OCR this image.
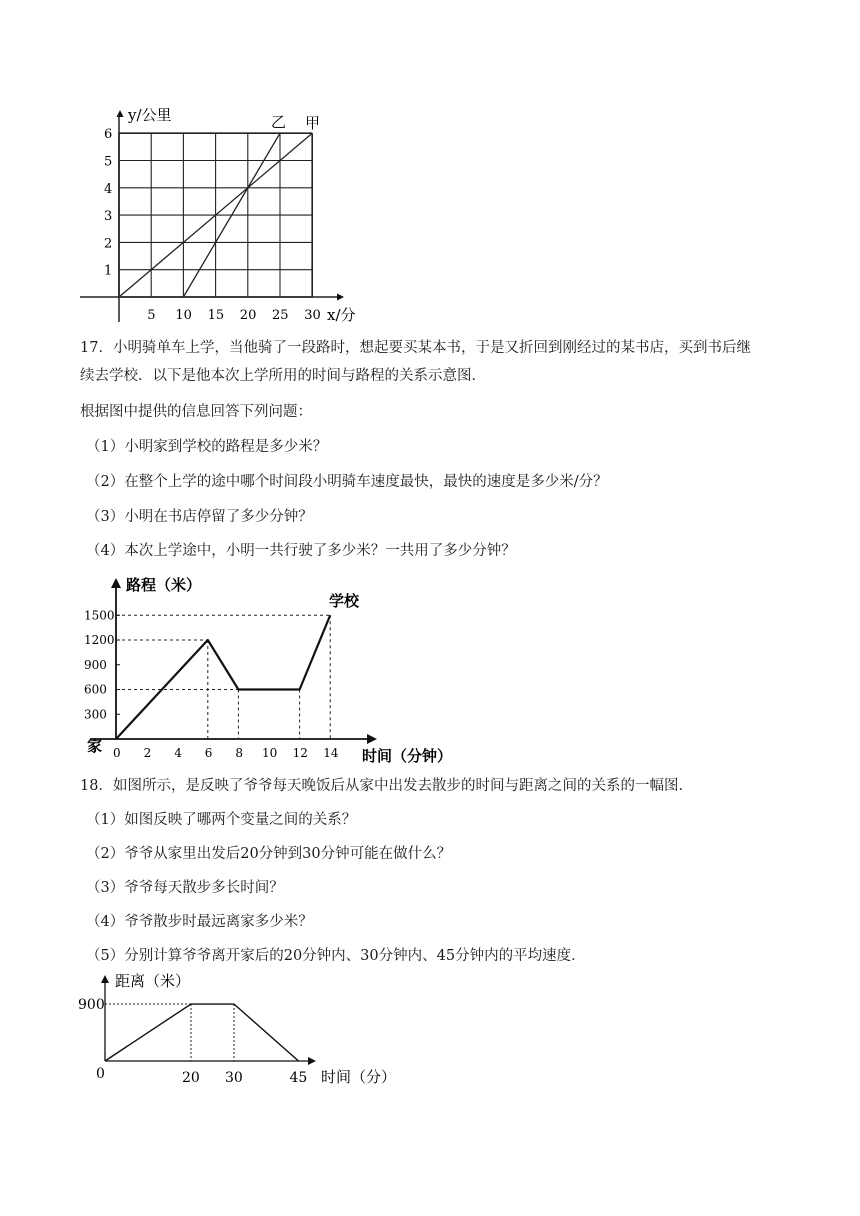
乙 甲
1
2
3
4
5
6
5 10 15 20 25 30
y/公里
x/分
17．小明骑单车上学，当他骑了一段路时，想起要买某本书，于是又折回到刚经过的某书店，买到书后继
续去学校．以下是他本次上学所用的时间与路程的关系示意图．
根据图中提供的信息回答下列问题：
（1）小明家到学校的路程是多少米？
（2）在整个上学的途中哪个时间段小明骑车速度最快，最快的速度是多少米/分？
（3）小明在书店停留了多少分钟？
（4）本次上学途中，小明一共行驶了多少米？一共用了多少分钟？
300
600
900
1200
1500
0 2 4 6 8 10 12 14
路程（米）
时间（分钟）
家
学校
18．如图所示，是反映了爷爷每天晚饭后从家中出发去散步的时间与距离之间的关系的一幅图．
（1）如图反映了哪两个变量之间的关系？
（2）爷爷从家里出发后20分钟到30分钟可能在做什么？
（3）爷爷每天散步多长时间？
（4）爷爷散步时最远离家多少米？
（5）分别计算爷爷离开家后的20分钟内、30分钟内、45分钟内的平均速度．
900
20 30	45
0
距离（米）
时间（分）
